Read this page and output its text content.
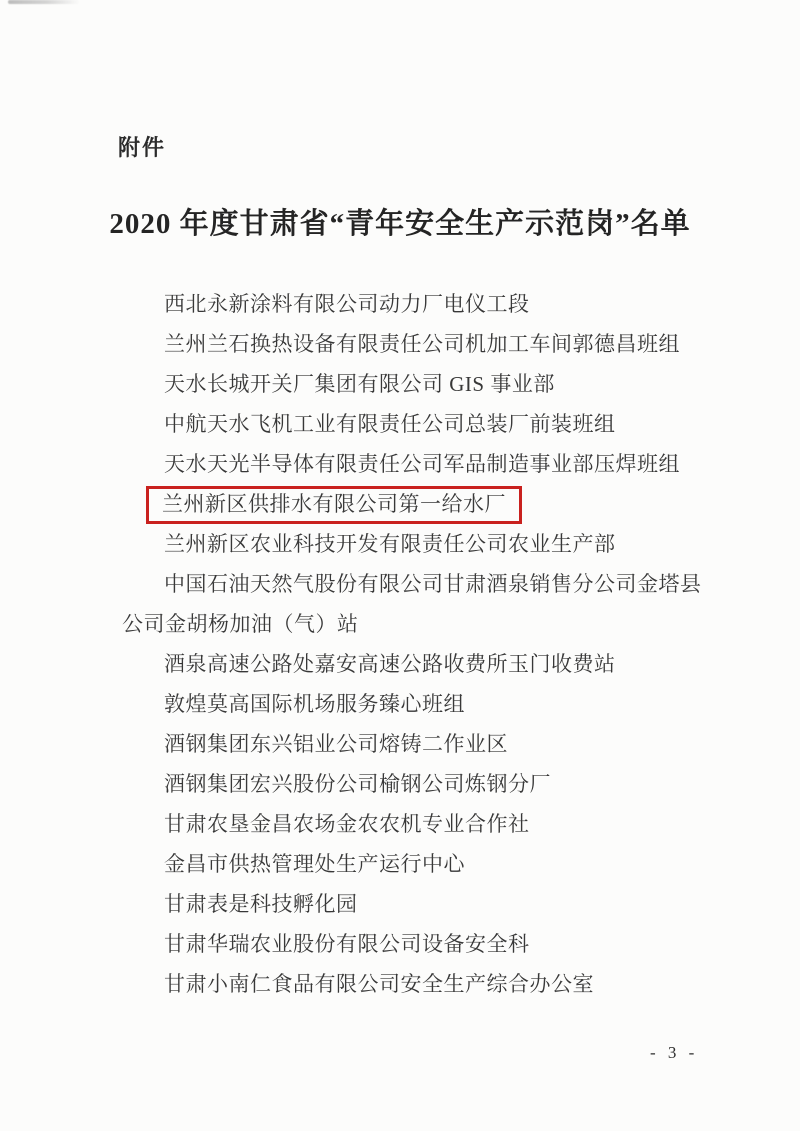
附件
2020 年度甘肃省“青年安全生产示范岗”名单
西北永新涂料有限公司动力厂电仪工段
兰州兰石换热设备有限责任公司机加工车间郭德昌班组
天水长城开关厂集团有限公司 GIS 事业部
中航天水飞机工业有限责任公司总装厂前装班组
天水天光半导体有限责任公司军品制造事业部压焊班组
兰州新区供排水有限公司第一给水厂
兰州新区农业科技开发有限责任公司农业生产部
中国石油天然气股份有限公司甘肃酒泉销售分公司金塔县公司金胡杨加油（气）站
酒泉高速公路处嘉安高速公路收费所玉门收费站
敦煌莫高国际机场服务臻心班组
酒钢集团东兴铝业公司熔铸二作业区
酒钢集团宏兴股份公司榆钢公司炼钢分厂
甘肃农垦金昌农场金农农机专业合作社
金昌市供热管理处生产运行中心
甘肃表是科技孵化园
甘肃华瑞农业股份有限公司设备安全科
甘肃小南仁食品有限公司安全生产综合办公室
- 3 -
